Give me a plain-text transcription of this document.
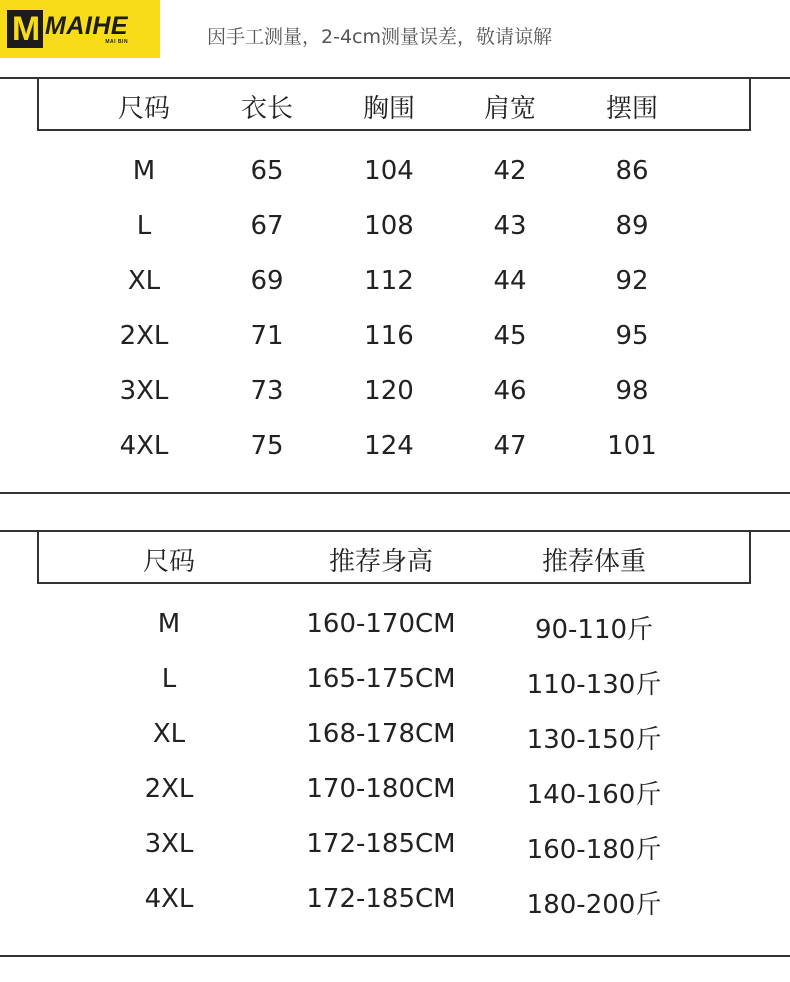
M MAIHE
MAI BIN	因手工测量，2-4cm测量误差，敬请谅解
尺码	衣长	胸围	肩宽	摆围
M	65	104	42	86
L	67	108	43	89
XL	69	112	44	92
2XL	71	116	45	95
3XL	73	120	46	98
4XL	75	124	47	101
尺码	推荐身高	推荐体重
M	160-170CM	90-110斤
L	165-175CM	110-130斤
XL	168-178CM	130-150斤
2XL	170-180CM	140-160斤
3XL	172-185CM	160-180斤
4XL	172-185CM	180-200斤
